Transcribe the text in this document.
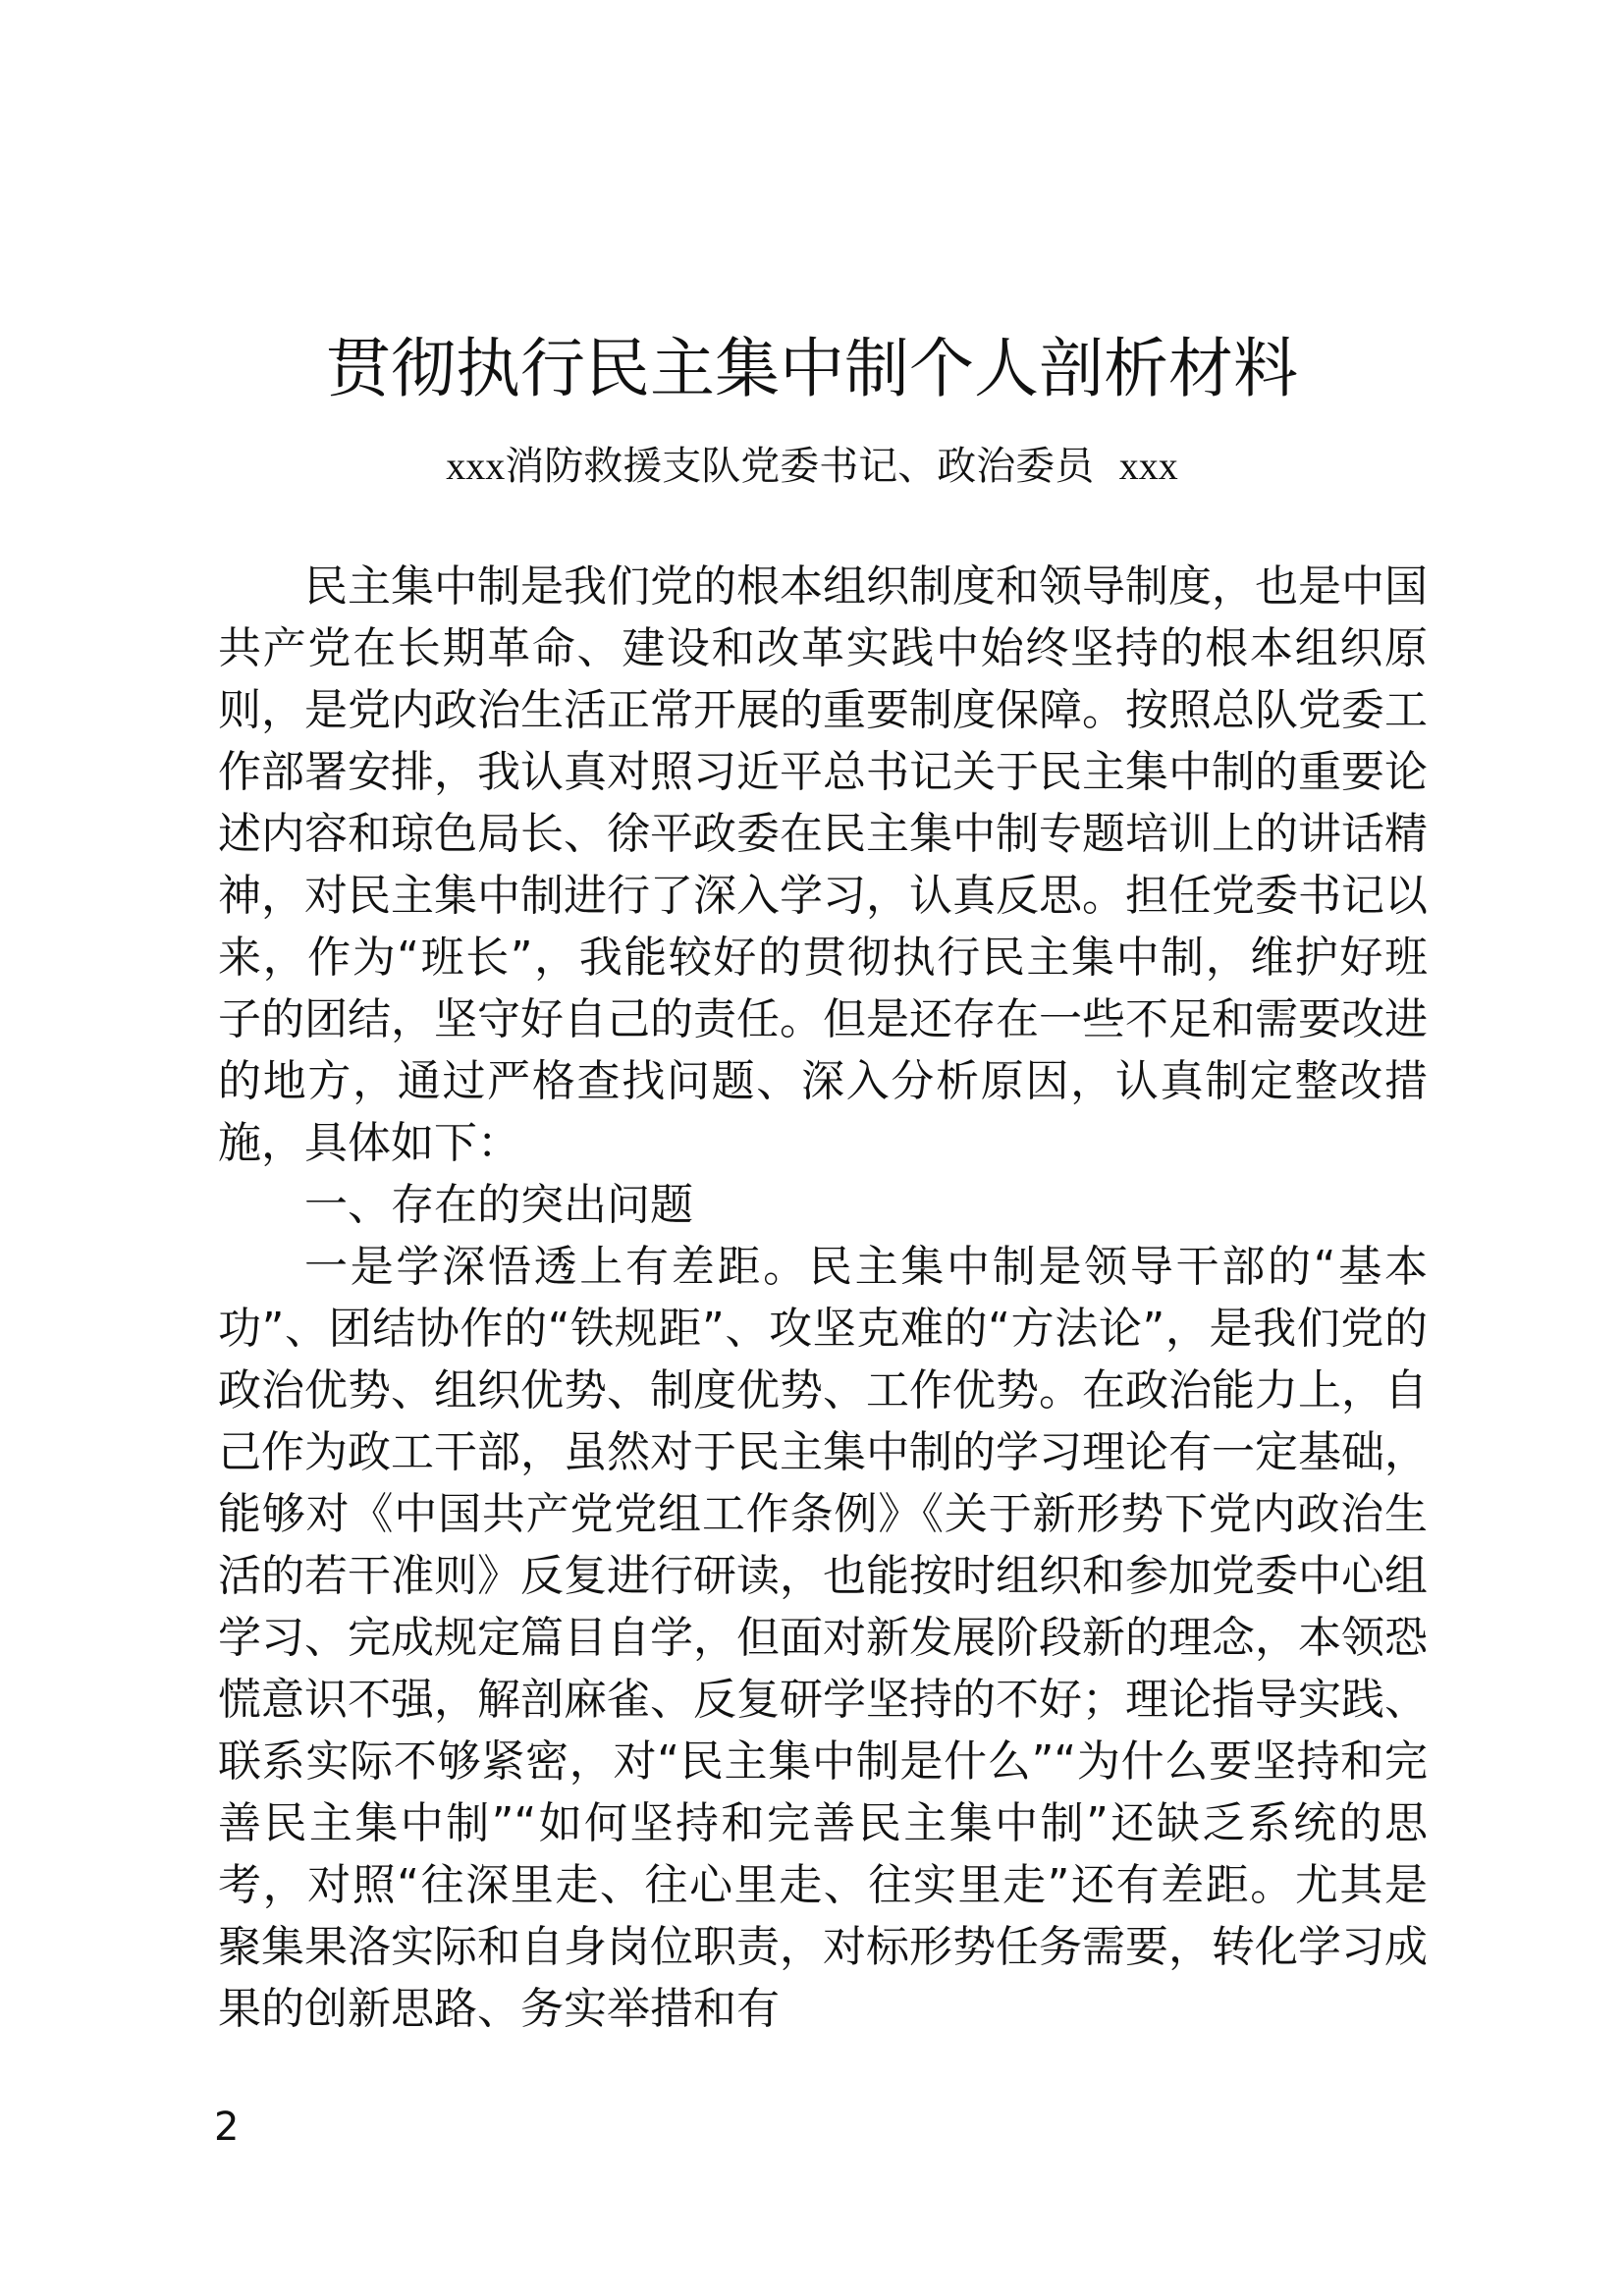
贯彻执行民主集中制个人剖析材料

xxx消防救援支队党委书记、政治委员 xxx

民主集中制是我们党的根本组织制度和领导制度，也是中国共产党在长期革命、建设和改革实践中始终坚持的根本组织原则，是党内政治生活正常开展的重要制度保障。按照总队党委工作部署安排，我认真对照习近平总书记关于民主集中制的重要论述内容和琼色局长、徐平政委在民主集中制专题培训上的讲话精神，对民主集中制进行了深入学习，认真反思。担任党委书记以来，作为“班长”，我能较好的贯彻执行民主集中制，维护好班子的团结，坚守好自己的责任。但是还存在一些不足和需要改进的地方，通过严格查找问题、深入分析原因，认真制定整改措施，具体如下：

一、存在的突出问题

一是学深悟透上有差距。民主集中制是领导干部的“基本功”、团结协作的“铁规距”、攻坚克难的“方法论”，是我们党的政治优势、组织优势、制度优势、工作优势。在政治能力上，自己作为政工干部，虽然对于民主集中制的学习理论有一定基础，能够对《中国共产党党组工作条例》《关于新形势下党内政治生活的若干准则》反复进行研读，也能按时组织和参加党委中心组学习、完成规定篇目自学，但面对新发展阶段新的理念，本领恐慌意识不强，解剖麻雀、反复研学坚持的不好；理论指导实践、联系实际不够紧密，对“民主集中制是什么”“为什么要坚持和完善民主集中制”“如何坚持和完善民主集中制”还缺乏系统的思考，对照“往深里走、往心里走、往实里走”还有差距。尤其是聚集果洛实际和自身岗位职责，对标形势任务需要，转化学习成果的创新思路、务实举措和有

2
